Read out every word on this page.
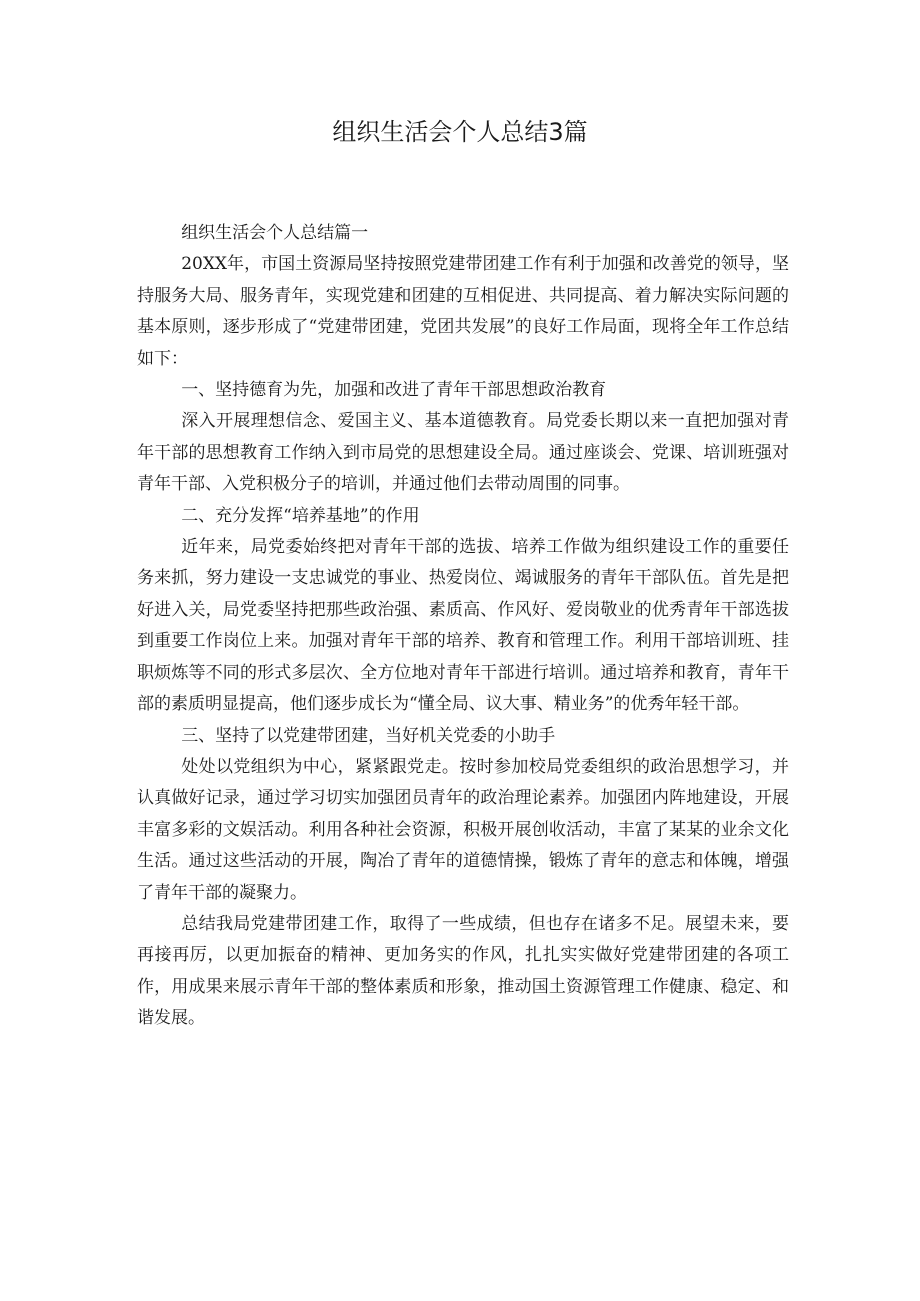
组织生活会个人总结3篇

组织生活会个人总结篇一

20XX年，市国土资源局坚持按照党建带团建工作有利于加强和改善党的领导，坚持服务大局、服务青年，实现党建和团建的互相促进、共同提高、着力解决实际问题的基本原则，逐步形成了“党建带团建，党团共发展”的良好工作局面，现将全年工作总结如下：

一、坚持德育为先，加强和改进了青年干部思想政治教育

深入开展理想信念、爱国主义、基本道德教育。局党委长期以来一直把加强对青年干部的思想教育工作纳入到市局党的思想建设全局。通过座谈会、党课、培训班强对青年干部、入党积极分子的培训，并通过他们去带动周围的同事。

二、充分发挥“培养基地”的作用

近年来，局党委始终把对青年干部的选拔、培养工作做为组织建设工作的重要任务来抓，努力建设一支忠诚党的事业、热爱岗位、竭诚服务的青年干部队伍。首先是把好进入关，局党委坚持把那些政治强、素质高、作风好、爱岗敬业的优秀青年干部选拔到重要工作岗位上来。加强对青年干部的培养、教育和管理工作。利用干部培训班、挂职烦炼等不同的形式多层次、全方位地对青年干部进行培训。通过培养和教育，青年干部的素质明显提高，他们逐步成长为“懂全局、议大事、精业务”的优秀年轻干部。

三、坚持了以党建带团建，当好机关党委的小助手

处处以党组织为中心，紧紧跟党走。按时参加校局党委组织的政治思想学习，并认真做好记录，通过学习切实加强团员青年的政治理论素养。加强团内阵地建设，开展丰富多彩的文娱活动。利用各种社会资源，积极开展创收活动，丰富了某某的业余文化生活。通过这些活动的开展，陶冶了青年的道德情操，锻炼了青年的意志和体魄，增强了青年干部的凝聚力。

总结我局党建带团建工作，取得了一些成绩，但也存在诸多不足。展望未来，要再接再厉，以更加振奋的精神、更加务实的作风，扎扎实实做好党建带团建的各项工作，用成果来展示青年干部的整体素质和形象，推动国土资源管理工作健康、稳定、和谐发展。
